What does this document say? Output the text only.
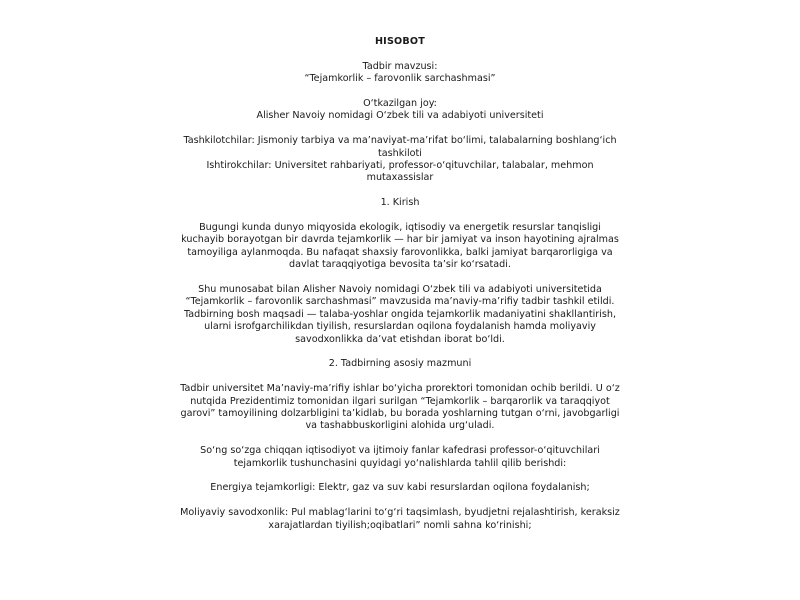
HISOBOT

Tadbir mavzusi:

“Tejamkorlik – farovonlik sarchashmasi”

O‘tkazilgan joy:

Alisher Navoiy nomidagi O‘zbek tili va adabiyoti universiteti

Tashkilotchilar: Jismoniy tarbiya va ma’naviyat-ma’rifat bo‘limi, talabalarning boshlang‘ich

tashkiloti

Ishtirokchilar: Universitet rahbariyati, professor-o‘qituvchilar, talabalar, mehmon

mutaxassislar

1. Kirish

Bugungi kunda dunyo miqyosida ekologik, iqtisodiy va energetik resurslar tanqisligi

kuchayib borayotgan bir davrda tejamkorlik — har bir jamiyat va inson hayotining ajralmas

tamoyiliga aylanmoqda. Bu nafaqat shaxsiy farovonlikka, balki jamiyat barqarorligiga va

davlat taraqqiyotiga bevosita ta’sir ko‘rsatadi.

Shu munosabat bilan Alisher Navoiy nomidagi O‘zbek tili va adabiyoti universitetida

“Tejamkorlik – farovonlik sarchashmasi” mavzusida ma’naviy-ma’rifiy tadbir tashkil etildi.

Tadbirning bosh maqsadi — talaba-yoshlar ongida tejamkorlik madaniyatini shakllantirish,

ularni isrofgarchilikdan tiyilish, resurslardan oqilona foydalanish hamda moliyaviy

savodxonlikka da’vat etishdan iborat bo‘ldi.

2. Tadbirning asosiy mazmuni

Tadbir universitet Ma’naviy-ma’rifiy ishlar bo‘yicha prorektori tomonidan ochib berildi. U o‘z

nutqida Prezidentimiz tomonidan ilgari surilgan “Tejamkorlik – barqarorlik va taraqqiyot

garovi” tamoyilining dolzarbligini ta’kidlab, bu borada yoshlarning tutgan o‘rni, javobgarligi

va tashabbuskorligini alohida urg‘uladi.

So‘ng so‘zga chiqqan iqtisodiyot va ijtimoiy fanlar kafedrasi professor-o‘qituvchilari

tejamkorlik tushunchasini quyidagi yo‘nalishlarda tahlil qilib berishdi:

Energiya tejamkorligi: Elektr, gaz va suv kabi resurslardan oqilona foydalanish;

Moliyaviy savodxonlik: Pul mablag‘larini to‘g‘ri taqsimlash, byudjetni rejalashtirish, keraksiz

xarajatlardan tiyilish;oqibatlari” nomli sahna ko‘rinishi;
